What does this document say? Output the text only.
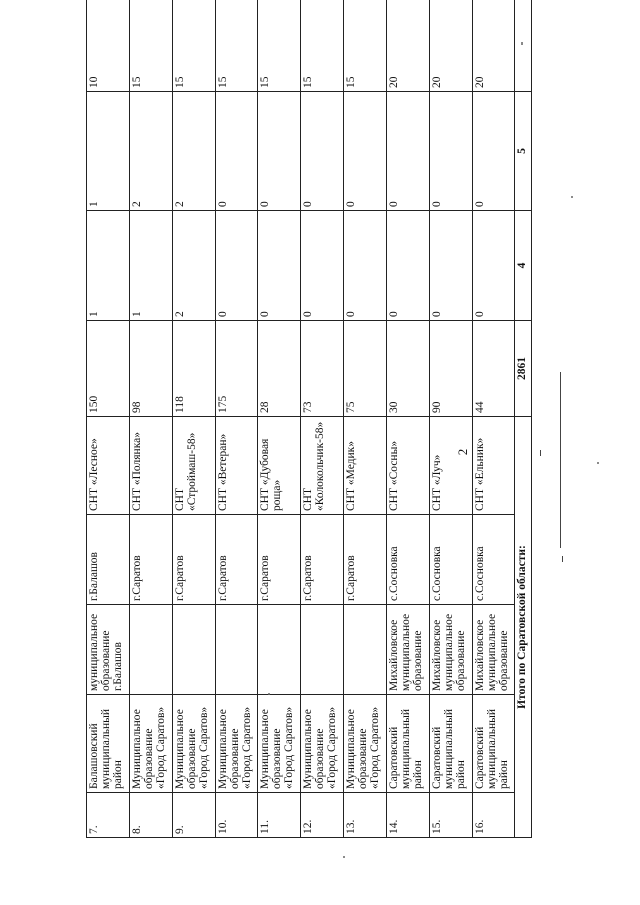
2
7.	Балашовский муниципальный район	муниципальное образование г.Балашов	г.Балашов	СНТ «Лесное»	150	1	1	10
8.	Муниципальное образование «Город Саратов»		г.Саратов	СНТ «Полянка»	98	1	2	15
9.	Муниципальное образование «Город Саратов»		г.Саратов	СНТ «Строймаш-58»	118	2	2	15
10.	Муниципальное образование «Город Саратов»		г.Саратов	СНТ «Ветеран»	175	0	0	15
11.	Муниципальное образование «Город Саратов»		г.Саратов	СНТ «Дубовая роща»	28	0	0	15
12.	Муниципальное образование «Город Саратов»		г.Саратов	СНТ «Колокольчик-58»	73	0	0	15
13.	Муниципальное образование «Город Саратов»		г.Саратов	СНТ «Медик»	75	0	0	15
14.	Саратовский муниципальный район	Михайловское муниципальное образование	с.Сосновка	СНТ «Сосны»	30	0	0	20
15.	Саратовский муниципальный район	Михайловское муниципальное образование	с.Сосновка	СНТ «Луч»	90	0	0	20
16.	Саратовский муниципальный район	Михайловское муниципальное образование	с.Сосновка	СНТ «Ельник»	44	0	0	20
Итого по Саратовской области:					2861	4	5	-
